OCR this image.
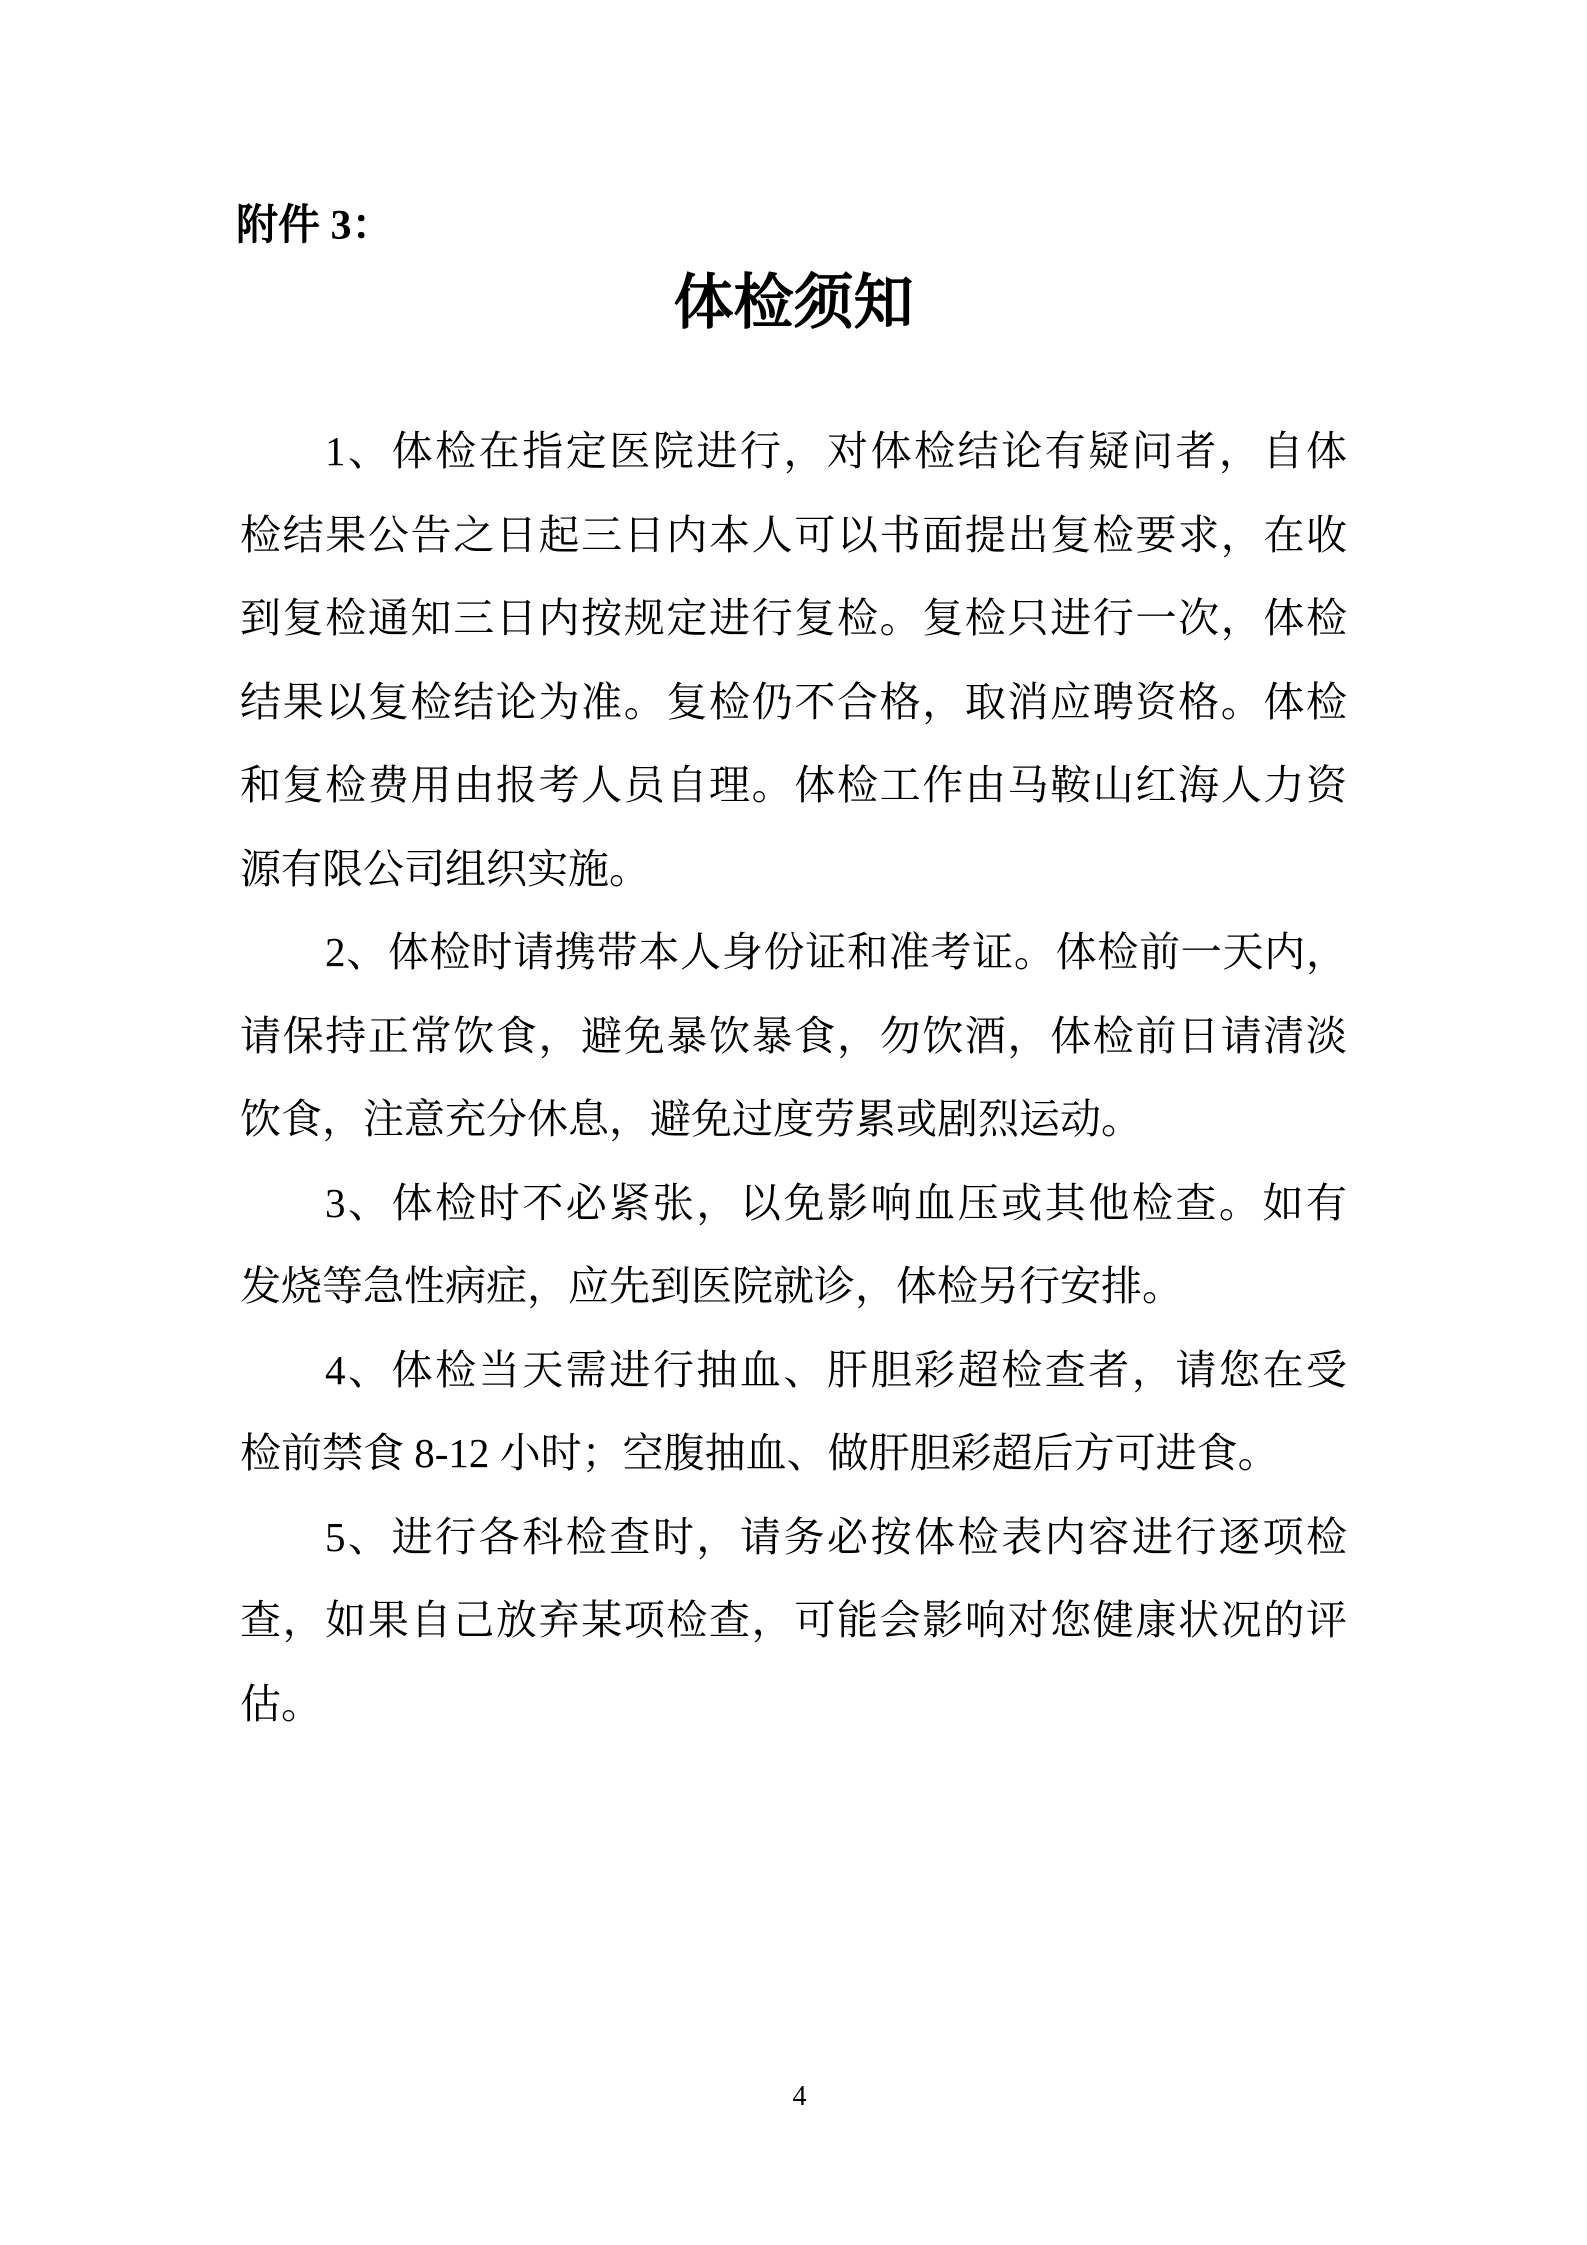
附件 3：
体检须知
1、体检在指定医院进行，对体检结论有疑问者，自体
检结果公告之日起三日内本人可以书面提出复检要求，在收
到复检通知三日内按规定进行复检。复检只进行一次，体检
结果以复检结论为准。复检仍不合格，取消应聘资格。体检
和复检费用由报考人员自理。体检工作由马鞍山红海人力资
源有限公司组织实施。
2、体检时请携带本人身份证和准考证。体检前一天内，
请保持正常饮食，避免暴饮暴食，勿饮酒，体检前日请清淡
饮食，注意充分休息，避免过度劳累或剧烈运动。
3、体检时不必紧张，以免影响血压或其他检查。如有
发烧等急性病症，应先到医院就诊，体检另行安排。
4、体检当天需进行抽血、肝胆彩超检查者，请您在受
检前禁食 8-12 小时；空腹抽血、做肝胆彩超后方可进食。
5、进行各科检查时，请务必按体检表内容进行逐项检
查，如果自己放弃某项检查，可能会影响对您健康状况的评
估。
4
